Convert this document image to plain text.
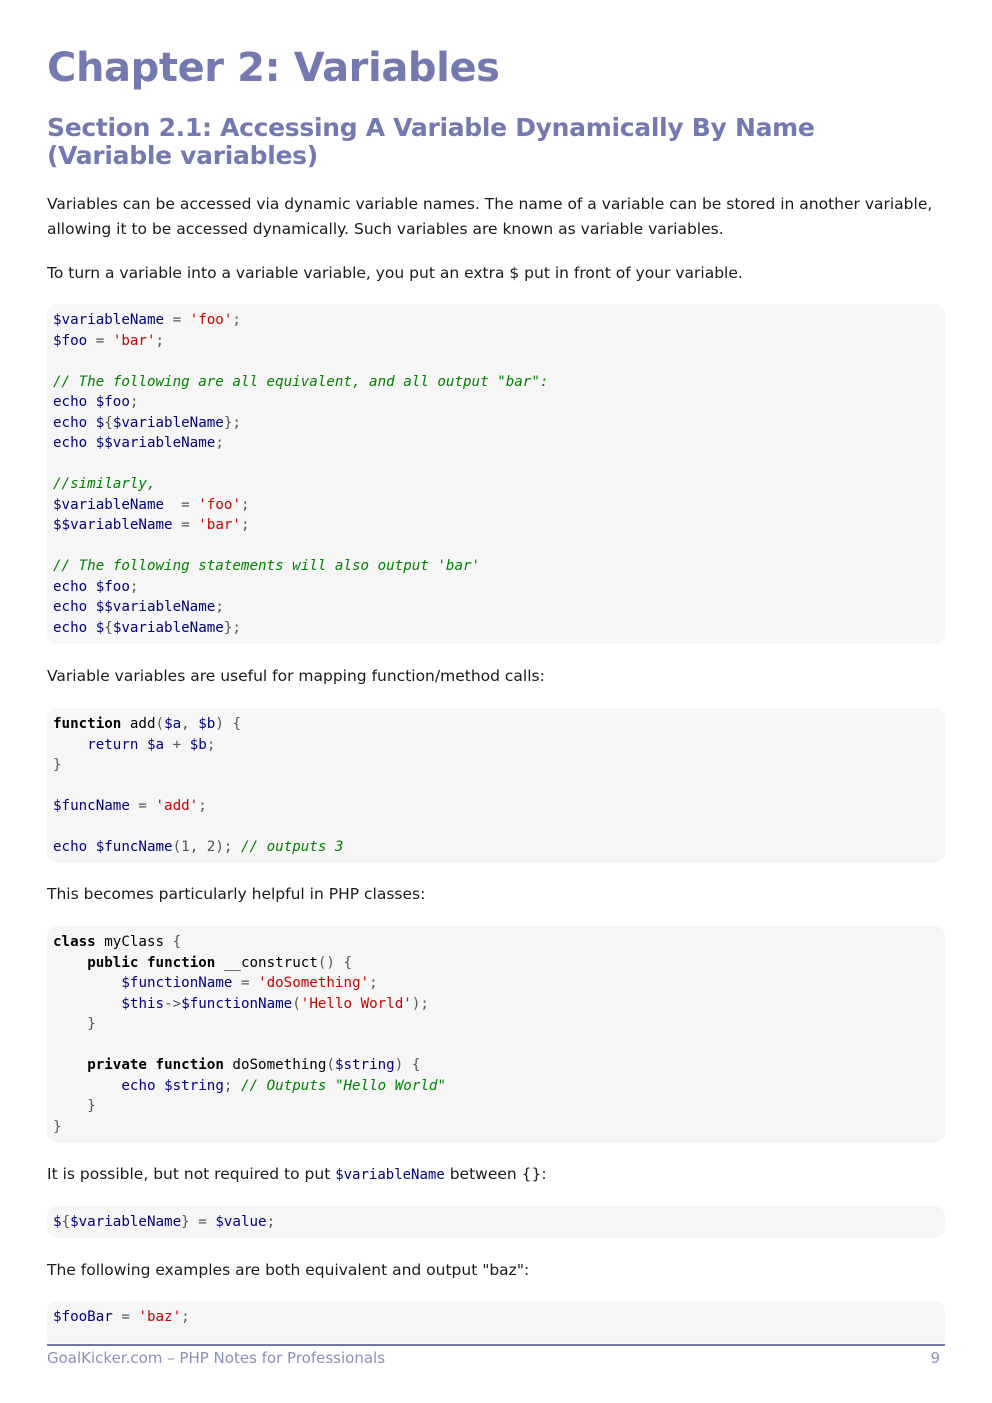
Chapter 2: Variables
Section 2.1: Accessing A Variable Dynamically By Name (Variable variables)

Variables can be accessed via dynamic variable names. The name of a variable can be stored in another variable, allowing it to be accessed dynamically. Such variables are known as variable variables.

To turn a variable into a variable variable, you put an extra $ put in front of your variable.

$variableName = 'foo';
$foo = 'bar';

// The following are all equivalent, and all output "bar":
echo $foo;
echo ${$variableName};
echo $$variableName;

//similarly,
$variableName = 'foo';
$$variableName = 'bar';

// The following statements will also output 'bar'
echo $foo;
echo $$variableName;
echo ${$variableName};

Variable variables are useful for mapping function/method calls:

function add($a, $b) {
return $a + $b;
}

$funcName = 'add';

echo $funcName(1, 2); // outputs 3

This becomes particularly helpful in PHP classes:

class myClass {
public function __construct() {
$functionName = 'doSomething';
$this->$functionName('Hello World');
}

private function doSomething($string) {
echo $string; // Outputs "Hello World"
}
}

It is possible, but not required to put $variableName between {}:

${$variableName} = $value;

The following examples are both equivalent and output "baz":

$fooBar = 'baz';
GoalKicker.com – PHP Notes for Professionals	9
